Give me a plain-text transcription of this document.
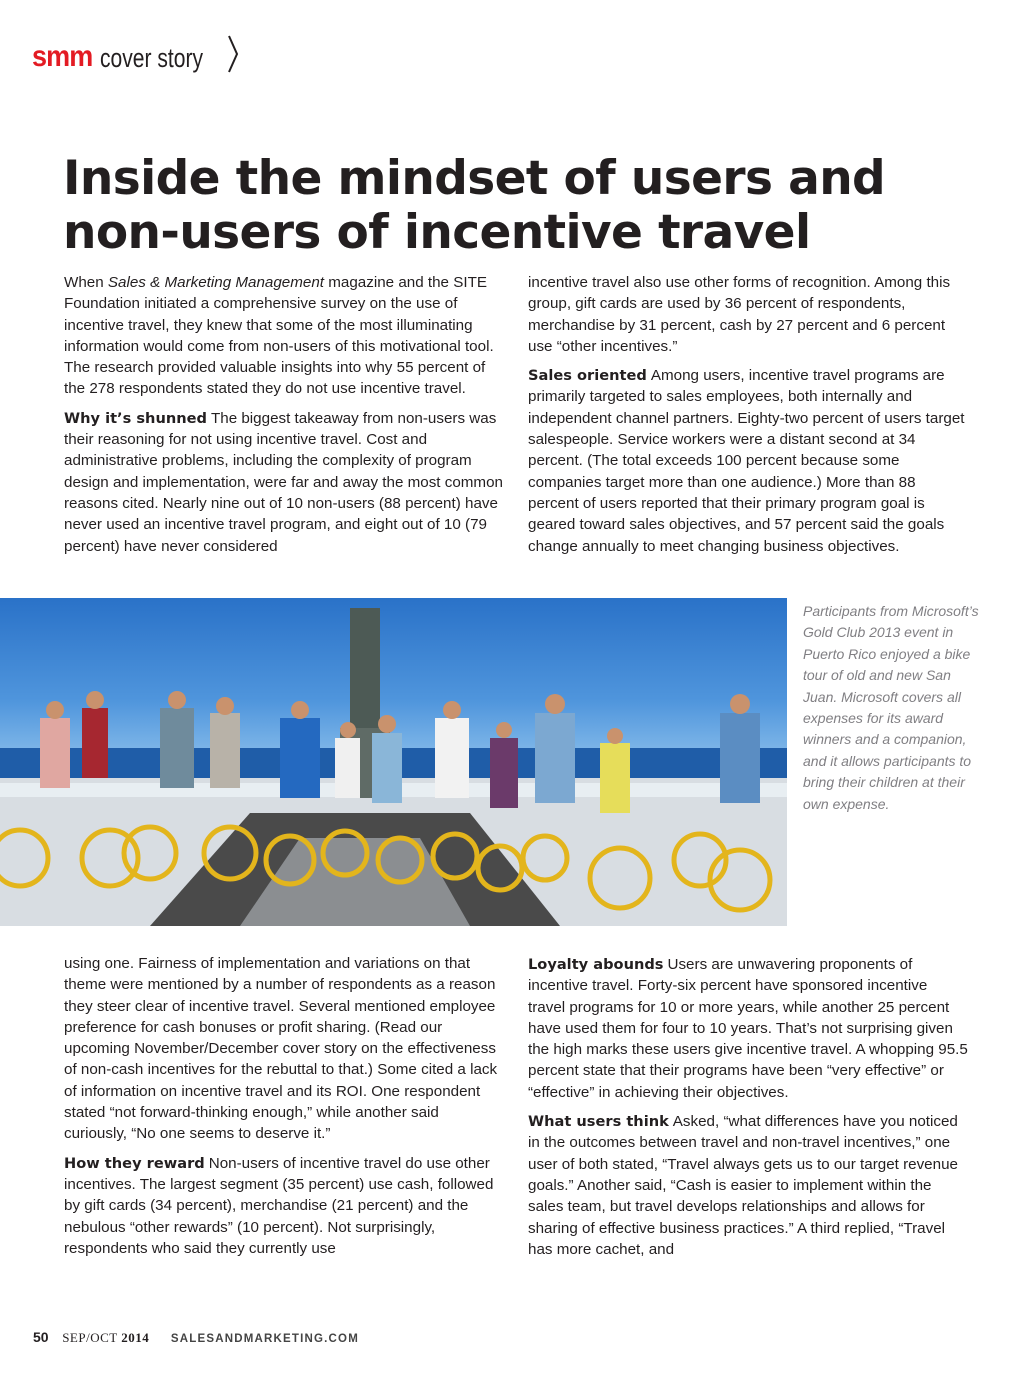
smm cover story
Inside the mindset of users and non-users of incentive travel

When Sales & Marketing Management magazine and the SITE Foundation initiated a comprehensive survey on the use of incentive travel, they knew that some of the most illuminating information would come from non-users of this motivational tool. The research provided valuable insights into why 55 percent of the 278 respondents stated they do not use incentive travel.

Why it’s shunned The biggest takeaway from non-users was their reasoning for not using incentive travel. Cost and administrative problems, including the complexity of program design and implementation, were far and away the most common reasons cited. Nearly nine out of 10 non-users (88 percent) have never used an incentive travel program, and eight out of 10 (79 percent) have never considered

incentive travel also use other forms of recognition. Among this group, gift cards are used by 36 percent of respondents, merchandise by 31 percent, cash by 27 percent and 6 percent use “other incentives.”

Sales oriented Among users, incentive travel programs are primarily targeted to sales employees, both internally and independent channel partners. Eighty-two percent of users target salespeople. Service workers were a distant second at 34 percent. (The total exceeds 100 percent because some companies target more than one audience.) More than 88 percent of users reported that their primary program goal is geared toward sales objectives, and 57 percent said the goals change annually to meet changing business objectives.

Participants from Microsoft’s Gold Club 2013 event in Puerto Rico enjoyed a bike tour of old and new San Juan. Microsoft covers all expenses for its award winners and a companion, and it allows participants to bring their children at their own expense.

using one. Fairness of implementation and variations on that theme were mentioned by a number of respondents as a reason they steer clear of incentive travel. Several mentioned employee preference for cash bonuses or profit sharing. (Read our upcoming November/December cover story on the effectiveness of non-cash incentives for the rebuttal to that.) Some cited a lack of information on incentive travel and its ROI. One respondent stated “not forward-thinking enough,” while another said curiously, “No one seems to deserve it.”

How they reward Non-users of incentive travel do use other incentives. The largest segment (35 percent) use cash, followed by gift cards (34 percent), merchandise (21 percent) and the nebulous “other rewards” (10 percent). Not surprisingly, respondents who said they currently use

Loyalty abounds Users are unwavering proponents of incentive travel. Forty-six percent have sponsored incentive travel programs for 10 or more years, while another 25 percent have used them for four to 10 years. That’s not surprising given the high marks these users give incentive travel. A whopping 95.5 percent state that their programs have been “very effective” or “effective” in achieving their objectives.

What users think Asked, “what differences have you noticed in the outcomes between travel and non-travel incentives,” one user of both stated, “Travel always gets us to our target revenue goals.” Another said, “Cash is easier to implement within the sales team, but travel develops relationships and allows for sharing of effective business practices.” A third replied, “Travel has more cachet, and

50 SEP/OCT 2014 SALESANDMARKETING.COM
